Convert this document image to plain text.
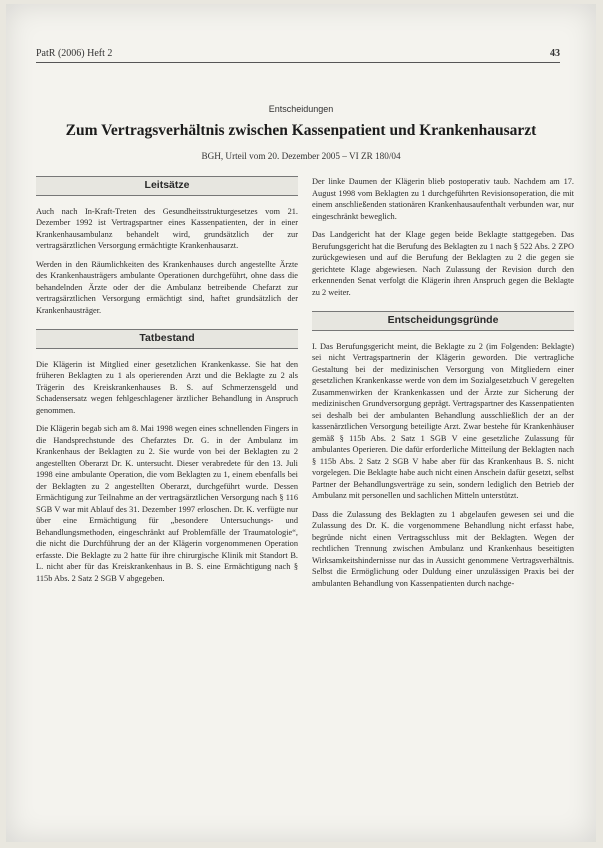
PatR (2006) Heft 2	43
Entscheidungen
Zum Vertragsverhältnis zwischen Kassenpatient und Krankenhausarzt
BGH, Urteil vom 20. Dezember 2005 – VI ZR 180/04
Leitsätze

Auch nach In-Kraft-Treten des Gesundheitsstrukturgesetzes vom 21. Dezember 1992 ist Vertragspartner eines Kassenpatienten, der in einer Krankenhausambulanz behandelt wird, grundsätzlich der zur vertragsärztlichen Versorgung ermächtigte Krankenhausarzt.

Werden in den Räumlichkeiten des Krankenhauses durch angestellte Ärzte des Krankenhausträgers ambulante Operationen durchgeführt, ohne dass die behandelnden Ärzte oder der die Ambulanz betreibende Chefarzt zur vertragsärztlichen Versorgung ermächtigt sind, haftet grundsätzlich der Krankenhausträger.

Tatbestand

Die Klägerin ist Mitglied einer gesetzlichen Krankenkasse. Sie hat den früheren Beklagten zu 1 als operierenden Arzt und die Beklagte zu 2 als Trägerin des Kreiskrankenhauses B. S. auf Schmerzensgeld und Schadensersatz wegen fehlgeschlagener ärztlicher Behandlung in Anspruch genommen.

Die Klägerin begab sich am 8. Mai 1998 wegen eines schnellenden Fingers in die Handsprechstunde des Chefarztes Dr. G. in der Ambulanz im Krankenhaus der Beklagten zu 2. Sie wurde von bei der Beklagten zu 2 angestellten Oberarzt Dr. K. untersucht. Dieser verabredete für den 13. Juli 1998 eine ambulante Operation, die vom Beklagten zu 1, einem ebenfalls bei der Beklagten zu 2 angestellten Oberarzt, durchgeführt wurde. Dessen Ermächtigung zur Teilnahme an der vertragsärztlichen Versorgung nach § 116 SGB V war mit Ablauf des 31. Dezember 1997 erloschen. Dr. K. verfügte nur über eine Ermächtigung für „besondere Untersuchungs- und Behandlungsmethoden, eingeschränkt auf Problemfälle der Traumatologie“, die nicht die Durchführung der an der Klägerin vorgenommenen Operation erfasste. Die Beklagte zu 2 hatte für ihre chirurgische Klinik mit Standort B. L. nicht aber für das Kreiskrankenhaus in B. S. eine Ermächtigung nach § 115b Abs. 2 Satz 2 SGB V abgegeben.

Der linke Daumen der Klägerin blieb postoperativ taub. Nachdem am 17. August 1998 vom Beklagten zu 1 durchgeführten Revisionsoperation, die mit einem anschließenden stationären Krankenhausaufenthalt verbunden war, nur eingeschränkt beweglich.

Das Landgericht hat der Klage gegen beide Beklagte stattgegeben. Das Berufungsgericht hat die Berufung des Beklagten zu 1 nach § 522 Abs. 2 ZPO zurückgewiesen und auf die Berufung der Beklagten zu 2 die gegen sie gerichtete Klage abgewiesen. Nach Zulassung der Revision durch den erkennenden Senat verfolgt die Klägerin ihren Anspruch gegen die Beklagte zu 2 weiter.

Entscheidungsgründe

I. Das Berufungsgericht meint, die Beklagte zu 2 (im Folgenden: Beklagte) sei nicht Vertragspartnerin der Klägerin geworden. Die vertragliche Gestaltung bei der medizinischen Versorgung von Mitgliedern einer gesetzlichen Krankenkasse werde von dem im Sozialgesetzbuch V geregelten Zusammenwirken der Krankenkassen und der Ärzte zur Sicherung der medizinischen Grundversorgung geprägt. Vertragspartner des Kassenpatienten sei deshalb bei der ambulanten Behandlung ausschließlich der an der kassenärztlichen Versorgung beteiligte Arzt. Zwar bestehe für Krankenhäuser gemäß § 115b Abs. 2 Satz 1 SGB V eine gesetzliche Zulassung für ambulantes Operieren. Die dafür erforderliche Mitteilung der Beklagten nach § 115b Abs. 2 Satz 2 SGB V habe aber für das Krankenhaus B. S. nicht vorgelegen. Die Beklagte habe auch nicht einen Anschein dafür gesetzt, selbst Partner der Behandlungsverträge zu sein, sondern lediglich den Betrieb der Ambulanz mit personellen und sachlichen Mitteln unterstützt.

Dass die Zulassung des Beklagten zu 1 abgelaufen gewesen sei und die Zulassung des Dr. K. die vorgenommene Behandlung nicht erfasst habe, begründe nicht einen Vertragsschluss mit der Beklagten. Wegen der rechtlichen Trennung zwischen Ambulanz und Krankenhaus beseitigten Wirksamkeitshindernisse nur das in Aussicht genommene Vertragsverhältnis. Selbst die Ermöglichung oder Duldung einer unzulässigen Praxis bei der ambulanten Behandlung von Kassenpatienten durch nachge-
